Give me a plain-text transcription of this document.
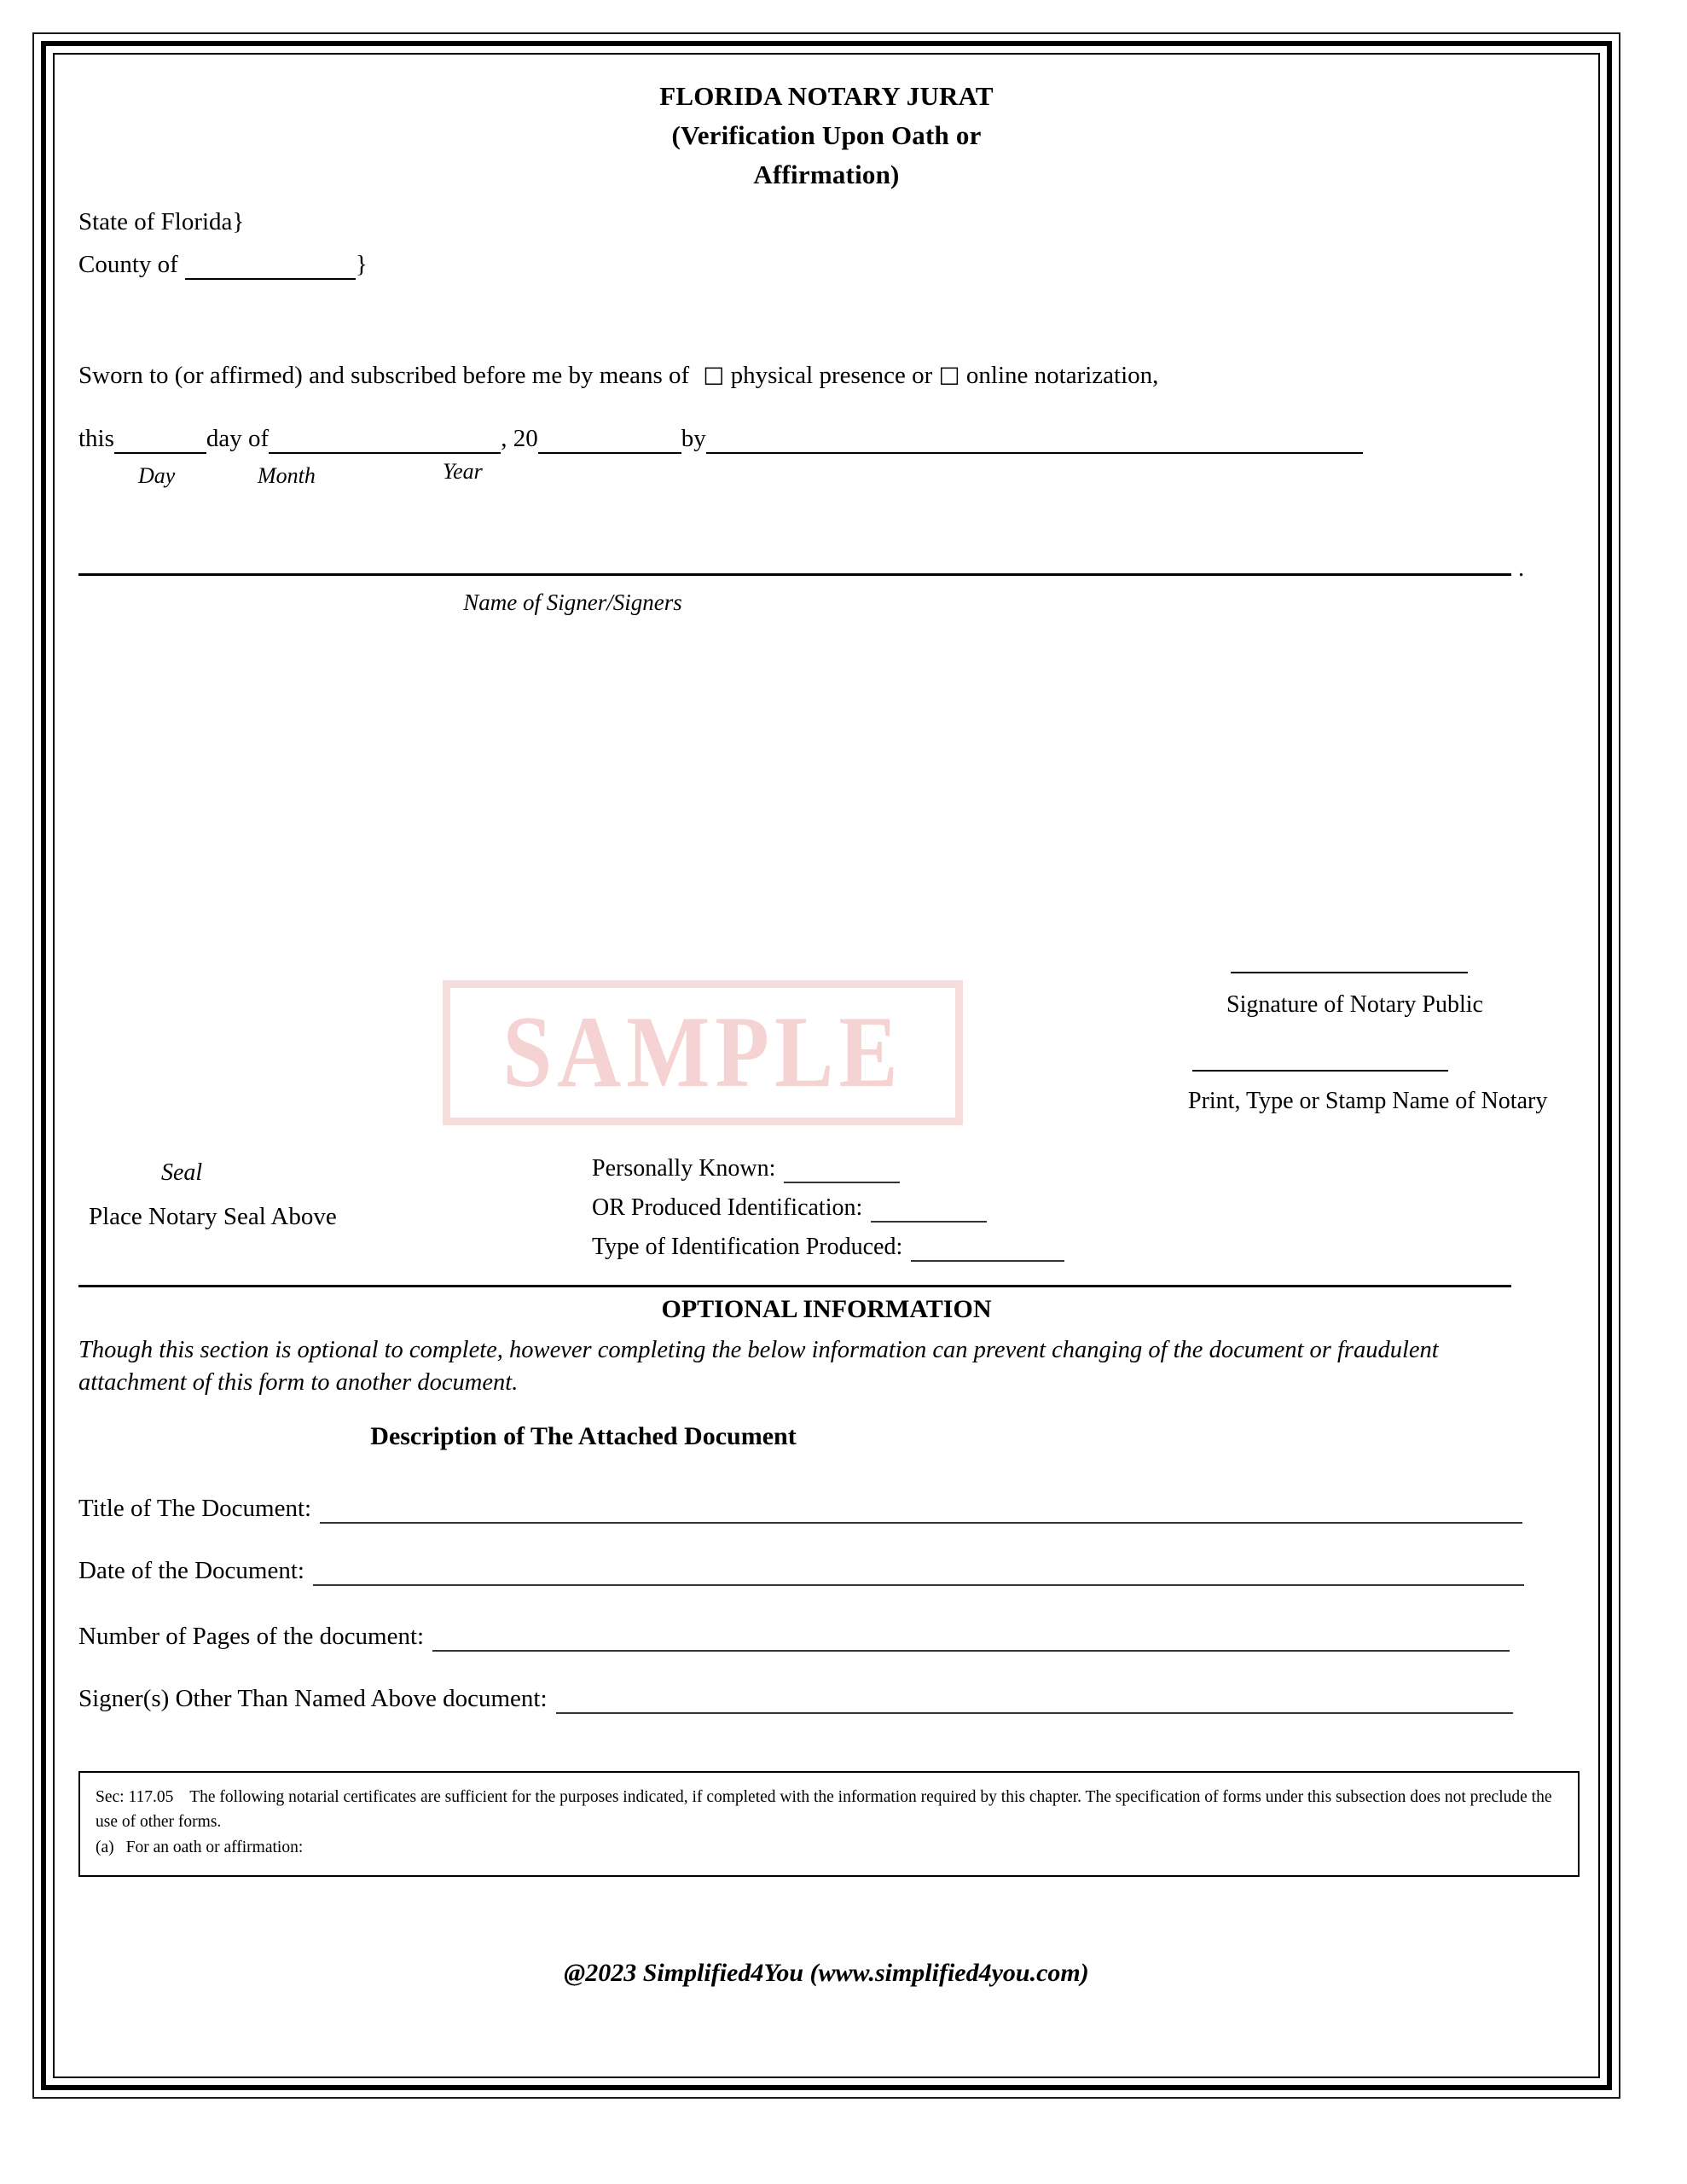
FLORIDA NOTARY JURAT
(Verification Upon Oath or
Affirmation)
State of Florida}
County of	}
Sworn to (or affirmed) and subscribed before me by means of ☐ physical presence or ☐ online notarization,
this	day of	, 20	by
Day	Month	Year
.
Name of Signer/Signers
SAMPLE	Signature of Notary Public
Print, Type or Stamp Name of Notary
Seal
Place Notary Seal Above
Personally Known:
OR Produced Identification:
Type of Identification Produced:
OPTIONAL INFORMATION
Though this section is optional to complete, however completing the below information can prevent changing of the document or fraudulent attachment of this form to another document.
Description of The Attached Document
Title of The Document:
Date of the Document:
Number of Pages of the document:
Signer(s) Other Than Named Above document:

Sec: 117.05 The following notarial certificates are sufficient for the purposes indicated, if completed with the information required by this chapter. The specification of forms under this subsection does not preclude the use of other forms.

(a) For an oath or affirmation:

@2023 Simplified4You (www.simplified4you.com)
